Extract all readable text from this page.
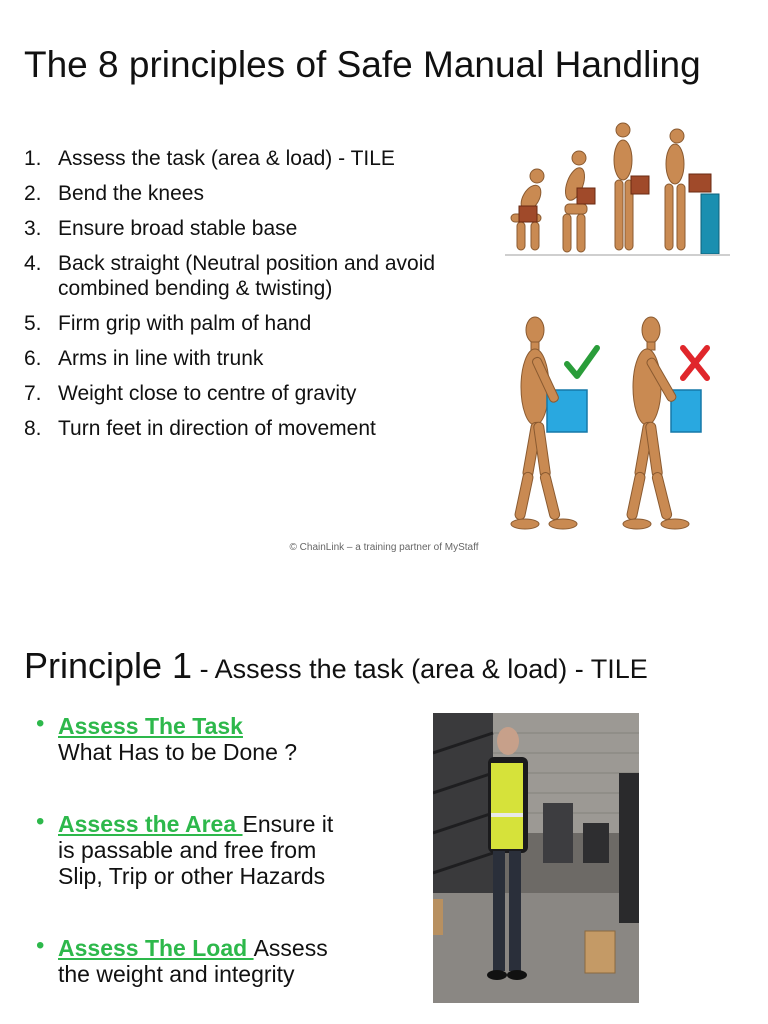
The 8 principles of Safe Manual Handling
1. Assess the task (area & load) - TILE
2. Bend the knees
3. Ensure broad stable base
4. Back straight (Neutral position and avoid combined bending & twisting)
5. Firm grip with palm of hand
6. Arms in line with trunk
7. Weight close to centre of gravity
8. Turn feet in direction of movement
© ChainLink – a training partner of MyStaff
Principle 1 - Assess the task (area & load) - TILE
• Assess The Task
What Has to be Done ?
• Assess the Area Ensure it is passable and free from Slip, Trip or other Hazards
• Assess The Load Assess the weight and integrity
